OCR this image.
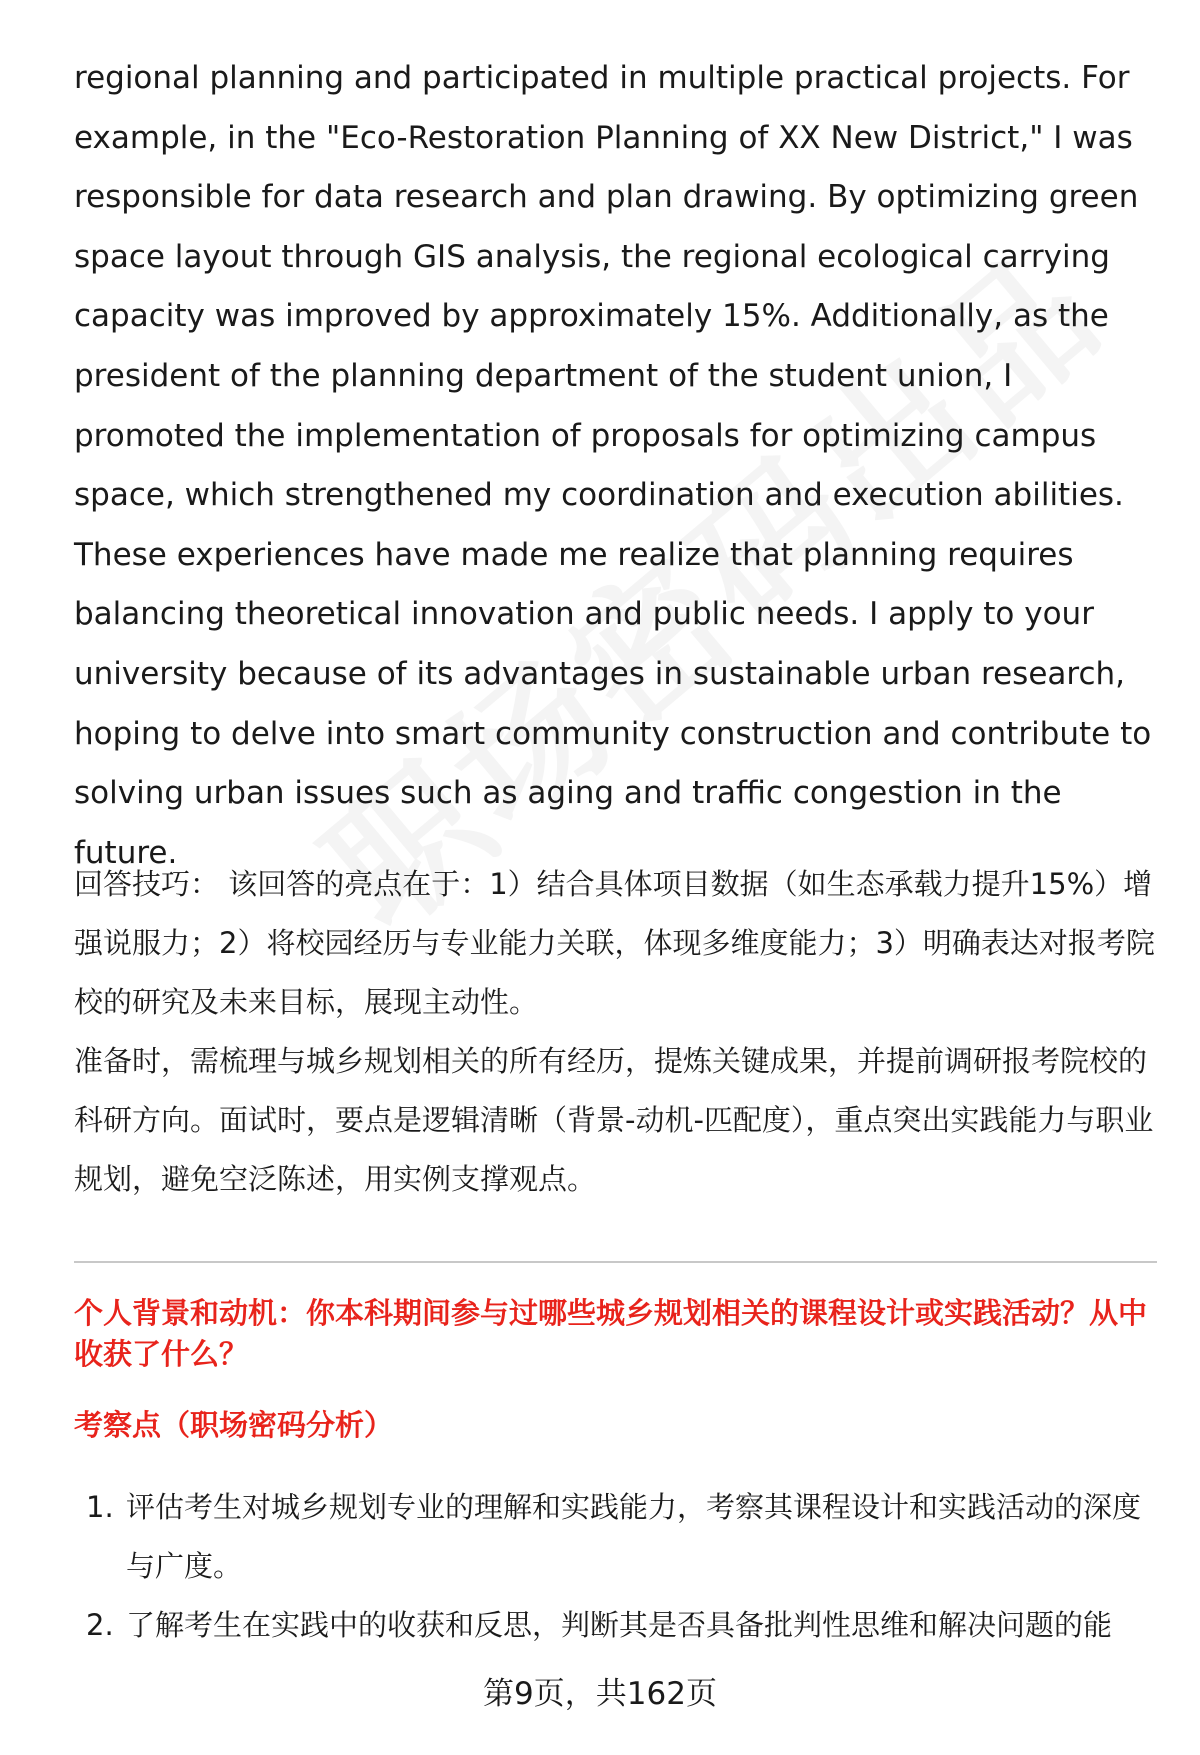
regional planning and participated in multiple practical projects. For example, in the "Eco-Restoration Planning of XX New District," I was responsible for data research and plan drawing. By optimizing green space layout through GIS analysis, the regional ecological carrying capacity was improved by approximately 15%. Additionally, as the president of the planning department of the student union, I promoted the implementation of proposals for optimizing campus space, which strengthened my coordination and execution abilities. These experiences have made me realize that planning requires balancing theoretical innovation and public needs. I apply to your university because of its advantages in sustainable urban research, hoping to delve into smart community construction and contribute to solving urban issues such as aging and traffic congestion in the future.

回答技巧： 该回答的亮点在于：1）结合具体项目数据（如生态承载力提升15%）增强说服力；2）将校园经历与专业能力关联，体现多维度能力；3）明确表达对报考院校的研究及未来目标，展现主动性。

准备时，需梳理与城乡规划相关的所有经历，提炼关键成果，并提前调研报考院校的科研方向。面试时，要点是逻辑清晰（背景-动机-匹配度），重点突出实践能力与职业规划，避免空泛陈述，用实例支撑观点。

个人背景和动机：你本科期间参与过哪些城乡规划相关的课程设计或实践活动？从中收获了什么？

考察点（职场密码分析）

1. 评估考生对城乡规划专业的理解和实践能力，考察其课程设计和实践活动的深度与广度。
2. 了解考生在实践中的收获和反思，判断其是否具备批判性思维和解决问题的能
第9页，共162页
